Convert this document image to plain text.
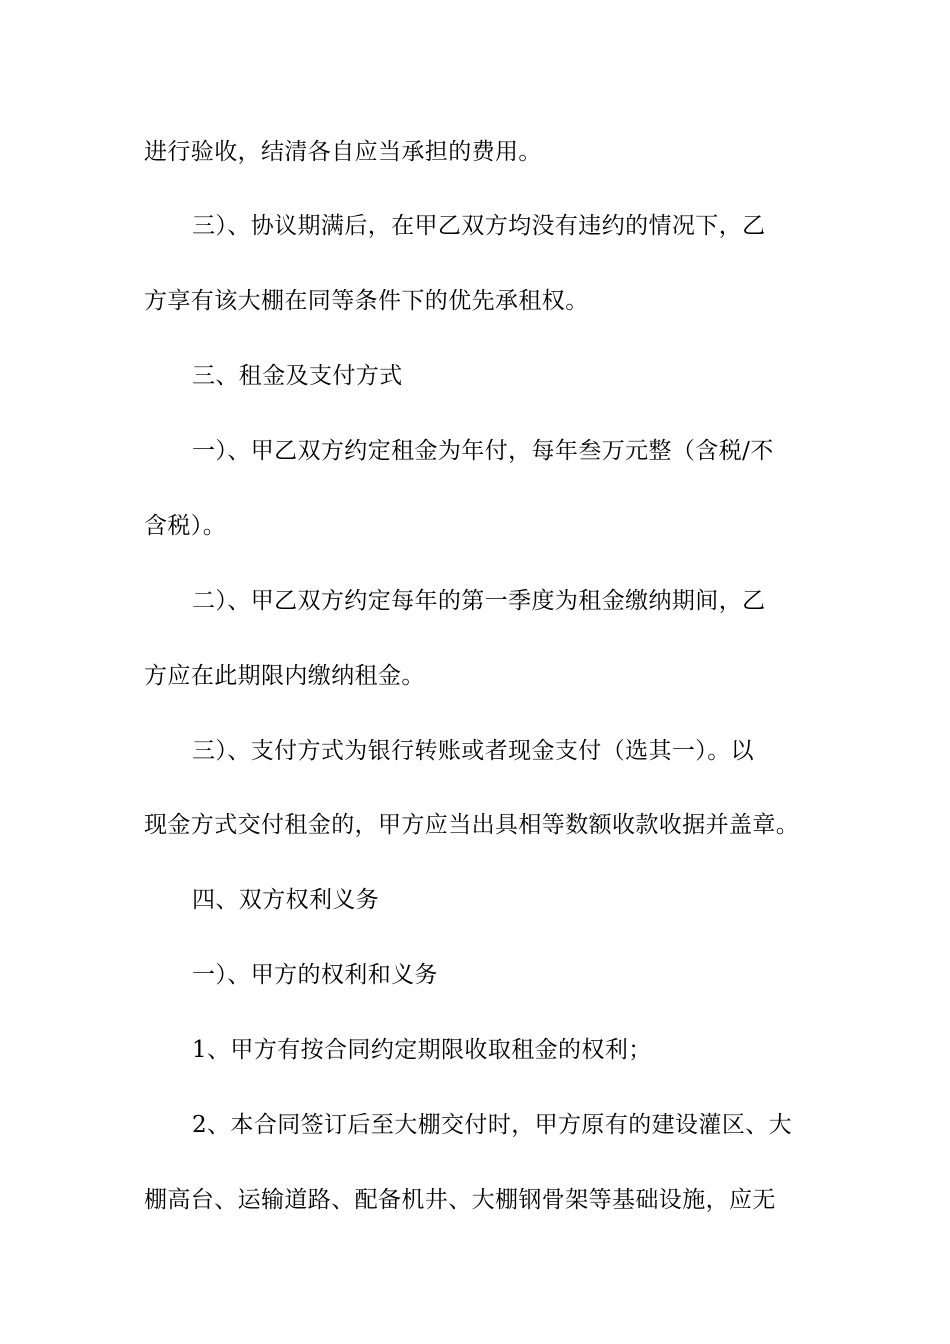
进行验收，结清各自应当承担的费用。
三）、协议期满后，在甲乙双方均没有违约的情况下，乙
方享有该大棚在同等条件下的优先承租权。
三、租金及支付方式
一）、甲乙双方约定租金为年付，每年叁万元整（含税/不
含税）。
二）、甲乙双方约定每年的第一季度为租金缴纳期间，乙
方应在此期限内缴纳租金。
三）、支付方式为银行转账或者现金支付（选其一）。以
现金方式交付租金的，甲方应当出具相等数额收款收据并盖章。
四、双方权利义务
一）、甲方的权利和义务
1、甲方有按合同约定期限收取租金的权利；
2、本合同签订后至大棚交付时，甲方原有的建设灌区、大
棚高台、运输道路、配备机井、大棚钢骨架等基础设施，应无
